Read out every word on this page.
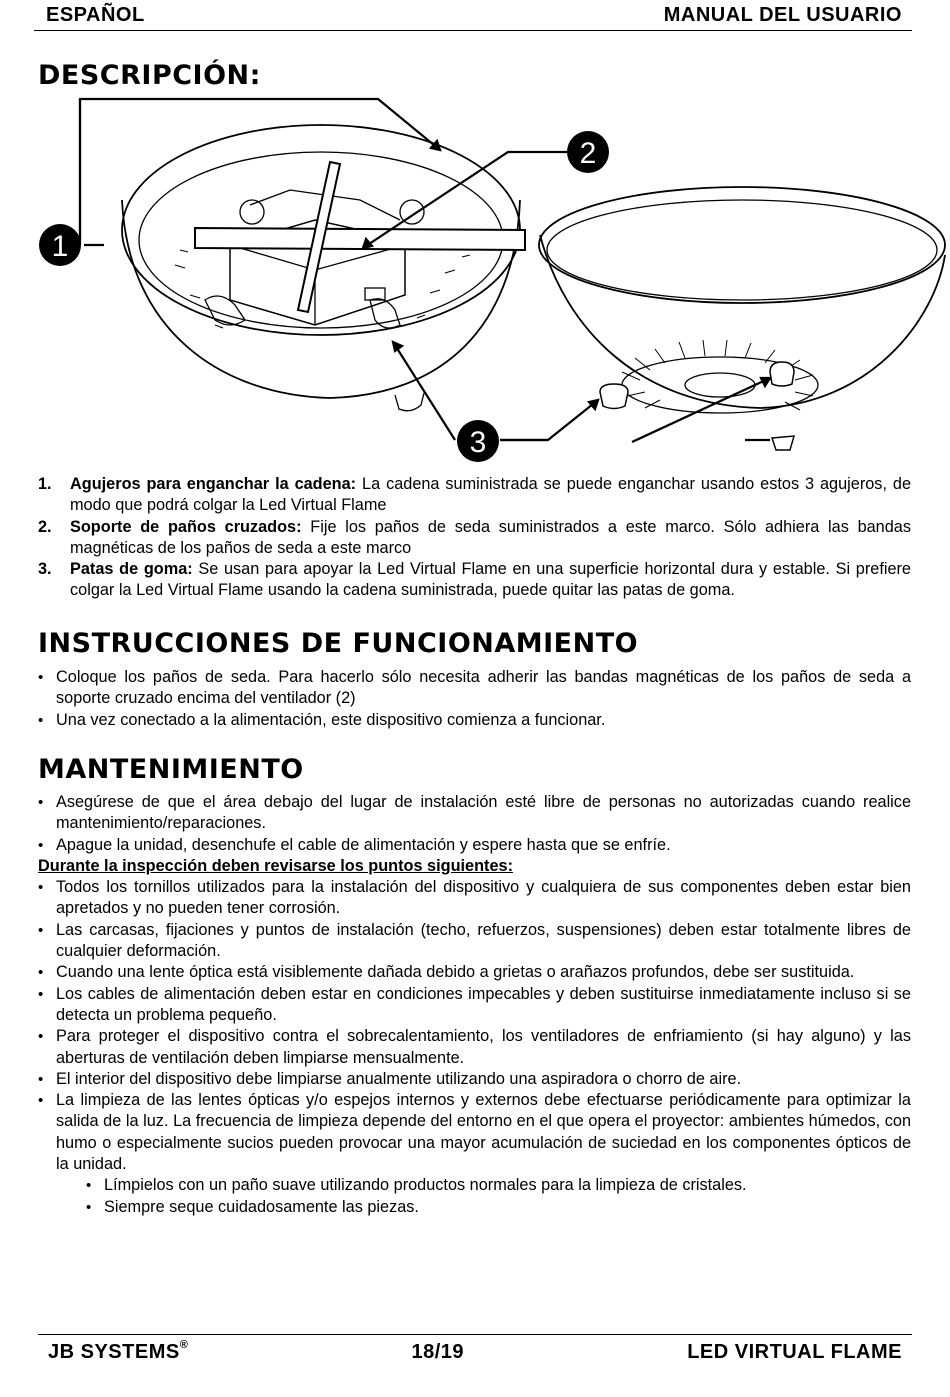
ESPAÑOL	MANUAL DEL USUARIO
DESCRIPCIÓN:
1
2
3
1. Agujeros para enganchar la cadena: La cadena suministrada se puede enganchar usando estos 3 agujeros, de modo que podrá colgar la Led Virtual Flame
2. Soporte de paños cruzados: Fije los paños de seda suministrados a este marco. Sólo adhiera las bandas magnéticas de los paños de seda a este marco
3. Patas de goma: Se usan para apoyar la Led Virtual Flame en una superficie horizontal dura y estable. Si prefiere colgar la Led Virtual Flame usando la cadena suministrada, puede quitar las patas de goma.
INSTRUCCIONES DE FUNCIONAMIENTO
• Coloque los paños de seda. Para hacerlo sólo necesita adherir las bandas magnéticas de los paños de seda a soporte cruzado encima del ventilador (2)
• Una vez conectado a la alimentación, este dispositivo comienza a funcionar.
MANTENIMIENTO
• Asegúrese de que el área debajo del lugar de instalación esté libre de personas no autorizadas cuando realice mantenimiento/reparaciones.
• Apague la unidad, desenchufe el cable de alimentación y espere hasta que se enfríe.
Durante la inspección deben revisarse los puntos siguientes:
• Todos los tornillos utilizados para la instalación del dispositivo y cualquiera de sus componentes deben estar bien apretados y no pueden tener corrosión.
• Las carcasas, fijaciones y puntos de instalación (techo, refuerzos, suspensiones) deben estar totalmente libres de cualquier deformación.
• Cuando una lente óptica está visiblemente dañada debido a grietas o arañazos profundos, debe ser sustituida.
• Los cables de alimentación deben estar en condiciones impecables y deben sustituirse inmediatamente incluso si se detecta un problema pequeño.
• Para proteger el dispositivo contra el sobrecalentamiento, los ventiladores de enfriamiento (si hay alguno) y las aberturas de ventilación deben limpiarse mensualmente.
• El interior del dispositivo debe limpiarse anualmente utilizando una aspiradora o chorro de aire.
• La limpieza de las lentes ópticas y/o espejos internos y externos debe efectuarse periódicamente para optimizar la salida de la luz. La frecuencia de limpieza depende del entorno en el que opera el proyector: ambientes húmedos, con humo o especialmente sucios pueden provocar una mayor acumulación de suciedad en los componentes ópticos de la unidad.
• Límpielos con un paño suave utilizando productos normales para la limpieza de cristales.
• Siempre seque cuidadosamente las piezas.
JB SYSTEMS®	18/19	LED VIRTUAL FLAME
